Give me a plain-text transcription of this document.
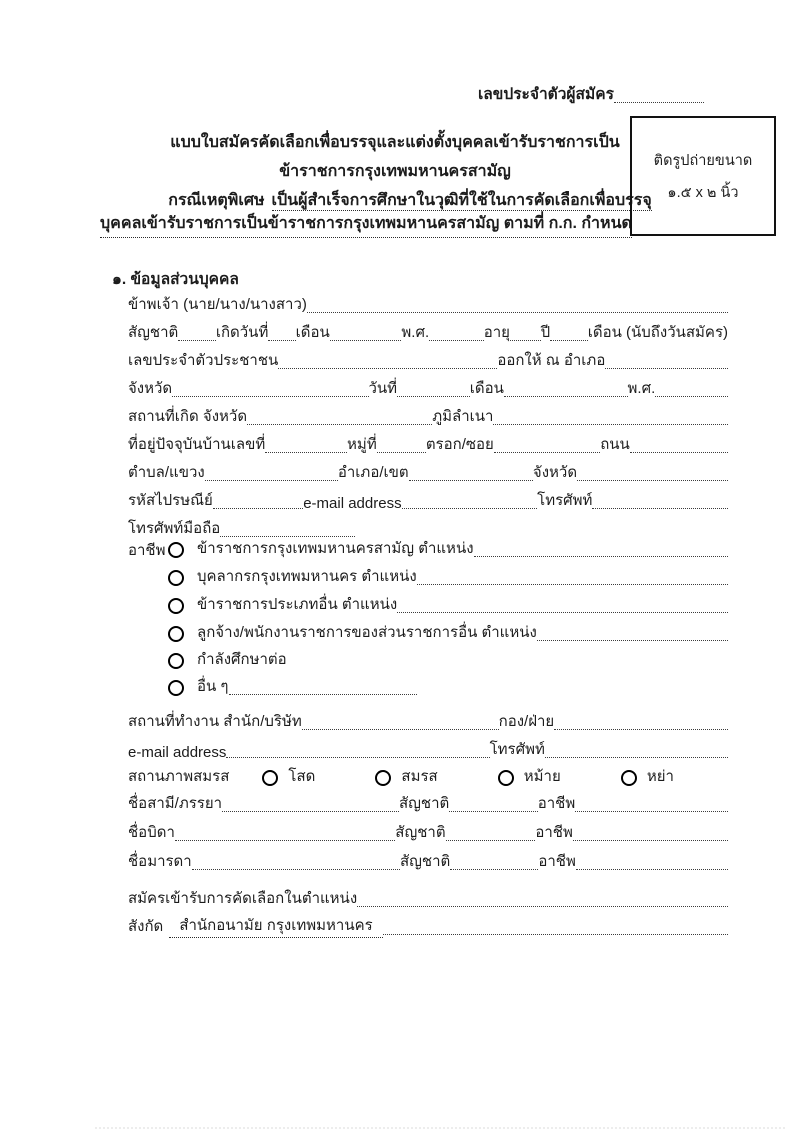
เลขประจำตัวผู้สมัคร
แบบใบสมัครคัดเลือกเพื่อบรรจุและแต่งตั้งบุคคลเข้ารับราชการเป็น
ข้าราชการกรุงเทพมหานครสามัญ
กรณีเหตุพิเศษ เป็นผู้สำเร็จการศึกษาในวุฒิที่ใช้ในการคัดเลือกเพื่อบรรจุ
บุคคลเข้ารับราชการเป็นข้าราชการกรุงเทพมหานครสามัญ ตามที่ ก.ก. กำหนด
ติดรูปถ่ายขนาด
๑.๕ x ๒ นิ้ว
๑. ข้อมูลส่วนบุคคล
ข้าพเจ้า (นาย/นาง/นางสาว)
สัญชาติ	เกิดวันที่ เดือน	พ.ศ.	อายุ ปี	เดือน (นับถึงวันสมัคร)
เลขประจำตัวประชาชน	ออกให้ ณ อำเภอ
จังหวัด	วันที่	เดือน	พ.ศ.
สถานที่เกิด จังหวัด	ภูมิลำเนา
ที่อยู่ปัจจุบันบ้านเลขที่	หมู่ที่	ตรอก/ซอย	ถนน
ตำบล/แขวง	อำเภอ/เขต	จังหวัด
รหัสไปรษณีย์	e-mail address	โทรศัพท์
โทรศัพท์มือถือ
อาชีพ ข้าราชการกรุงเทพมหานครสามัญ ตำแหน่ง
บุคลากรกรุงเทพมหานคร ตำแหน่ง
ข้าราชการประเภทอื่น ตำแหน่ง
ลูกจ้าง/พนักงานราชการของส่วนราชการอื่น ตำแหน่ง
กำลังศึกษาต่อ
อื่น ๆ
สถานที่ทำงาน สำนัก/บริษัท	กอง/ฝ่าย
e-mail address	โทรศัพท์
สถานภาพสมรส	โสด	สมรส	หม้าย	หย่า
ชื่อสามี/ภรรยา	สัญชาติ	อาชีพ
ชื่อบิดา	สัญชาติ	อาชีพ
ชื่อมารดา	สัญชาติ	อาชีพ
สมัครเข้ารับการคัดเลือกในตำแหน่ง
สังกัด	สำนักอนามัย กรุงเทพมหานคร
